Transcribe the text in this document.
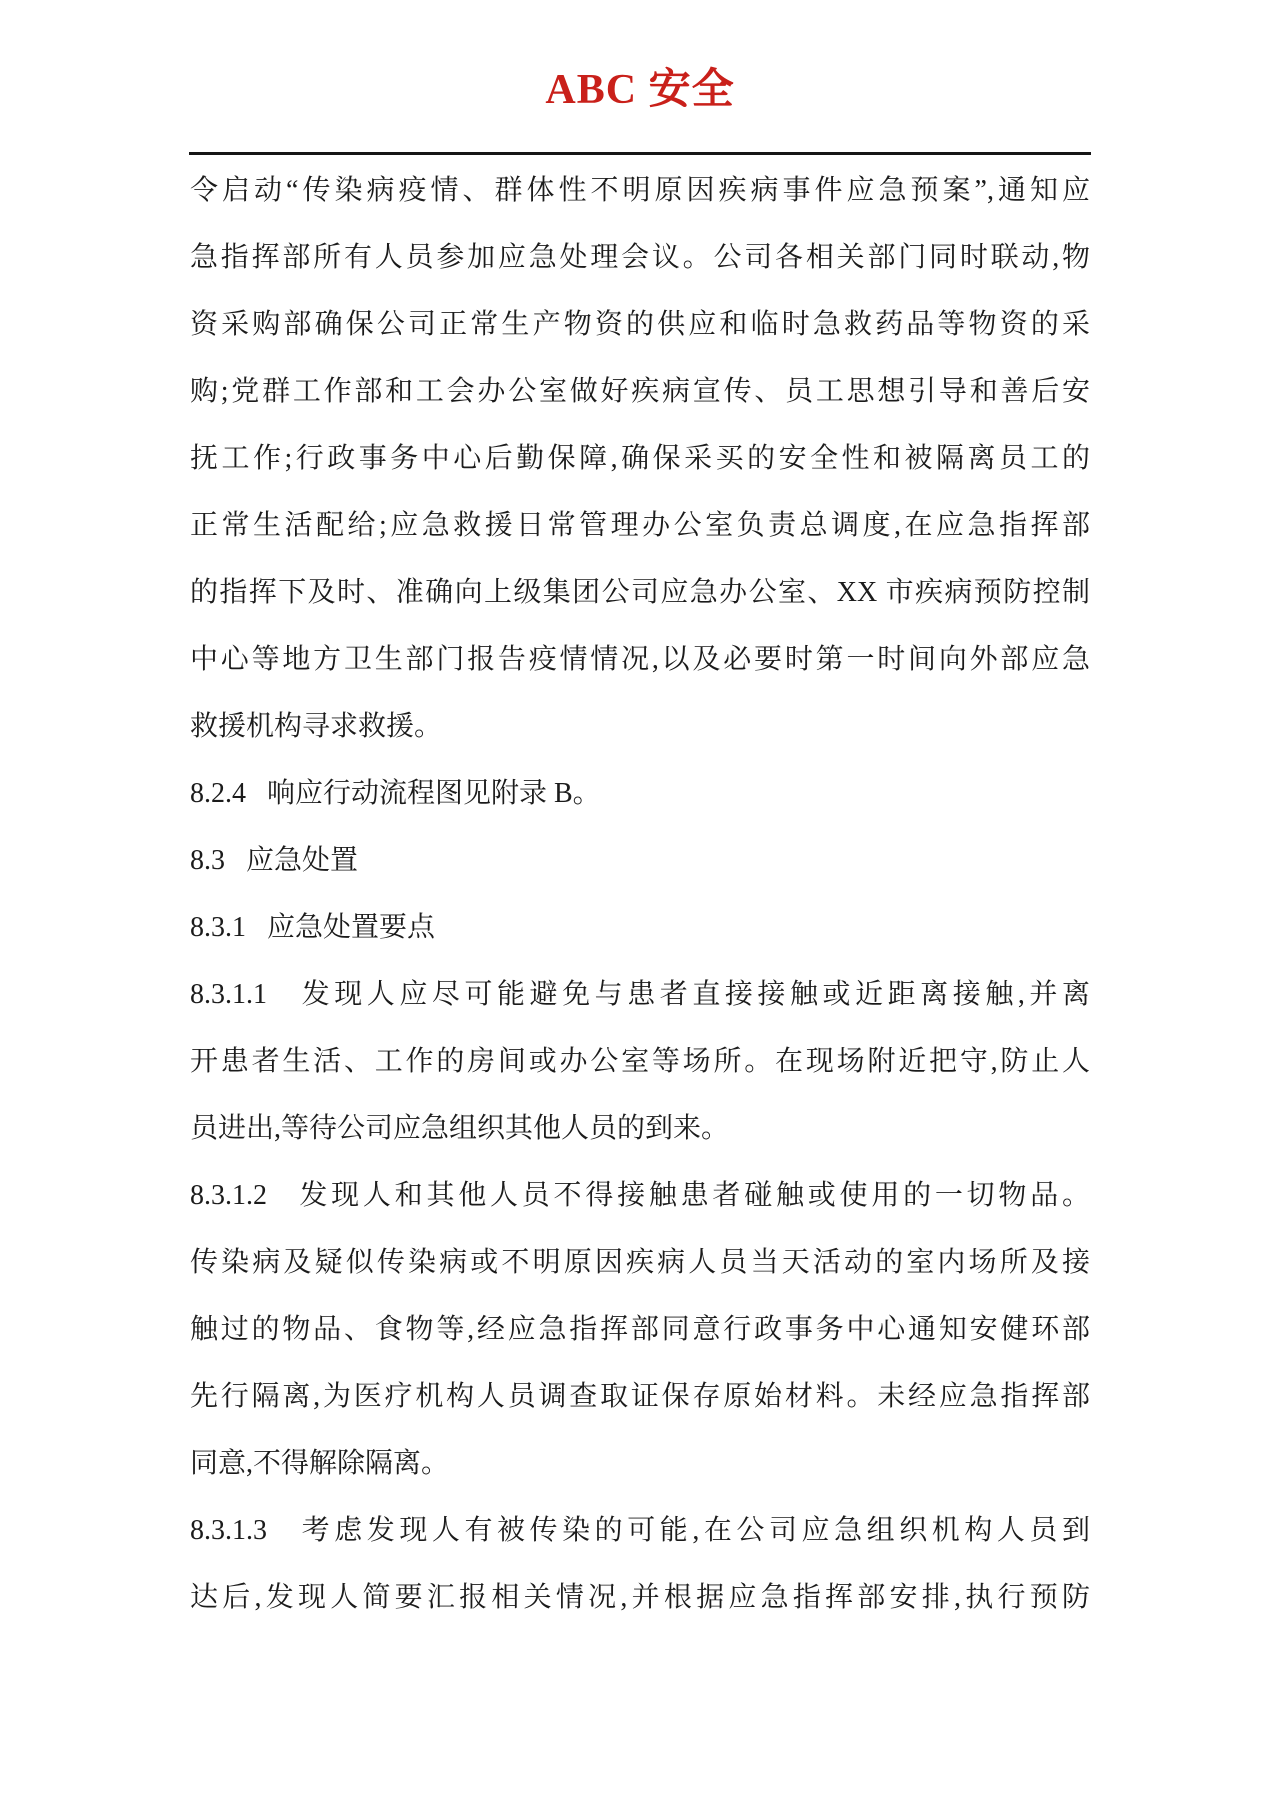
ABC 安全
令启动“传染病疫情、群体性不明原因疾病事件应急预案”,通知应
急指挥部所有人员参加应急处理会议。公司各相关部门同时联动,物
资采购部确保公司正常生产物资的供应和临时急救药品等物资的采
购;党群工作部和工会办公室做好疾病宣传、员工思想引导和善后安
抚工作;行政事务中心后勤保障,确保采买的安全性和被隔离员工的
正常生活配给;应急救援日常管理办公室负责总调度,在应急指挥部
的指挥下及时、准确向上级集团公司应急办公室、XX 市疾病预防控制
中心等地方卫生部门报告疫情情况,以及必要时第一时间向外部应急
救援机构寻求救援。
8.2.4   响应行动流程图见附录 B。
8.3   应急处置
8.3.1   应急处置要点
8.3.1.1   发现人应尽可能避免与患者直接接触或近距离接触,并离
开患者生活、工作的房间或办公室等场所。在现场附近把守,防止人
员进出,等待公司应急组织其他人员的到来。
8.3.1.2   发现人和其他人员不得接触患者碰触或使用的一切物品。
传染病及疑似传染病或不明原因疾病人员当天活动的室内场所及接
触过的物品、食物等,经应急指挥部同意行政事务中心通知安健环部
先行隔离,为医疗机构人员调查取证保存原始材料。未经应急指挥部
同意,不得解除隔离。
8.3.1.3   考虑发现人有被传染的可能,在公司应急组织机构人员到
达后,发现人简要汇报相关情况,并根据应急指挥部安排,执行预防
